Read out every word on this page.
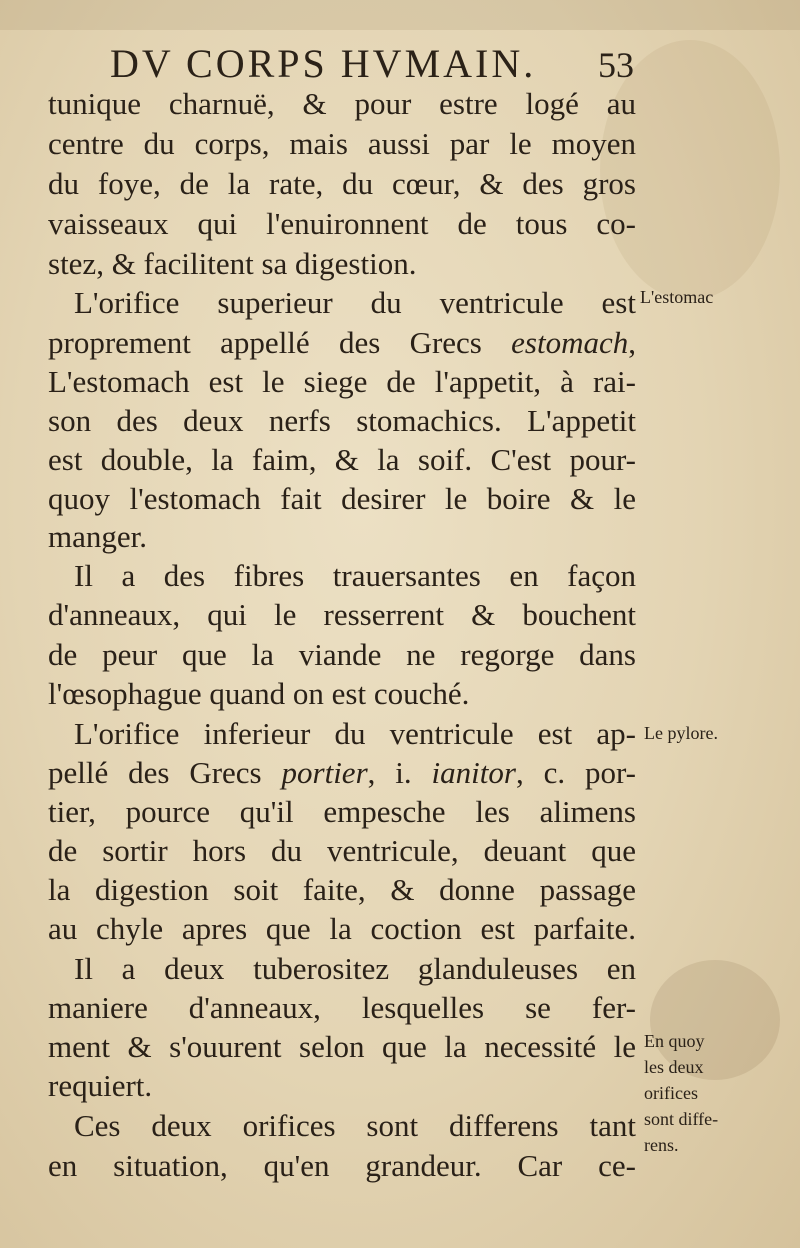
DV CORPS HVMAIN. 53
tunique charnuë, & pour estre logé au
centre du corps, mais aussi par le moyen
du foye, de la rate, du cœur, & des gros
vaisseaux qui l'enuironnent de tous co-
stez, & facilitent sa digestion.
L'orifice superieur du ventricule est
proprement appellé des Grecs estomach,
L'estomach est le siege de l'appetit, à rai-
son des deux nerfs stomachics. L'appetit
est double, la faim, & la soif. C'est pour-
quoy l'estomach fait desirer le boire & le
manger.
Il a des fibres trauersantes en façon
d'anneaux, qui le resserrent & bouchent
de peur que la viande ne regorge dans
l'œsophague quand on est couché.
L'orifice inferieur du ventricule est ap-
pellé des Grecs portier, i. ianitor, c. por-
tier, pource qu'il empesche les alimens
de sortir hors du ventricule, deuant que
la digestion soit faite, & donne passage
au chyle apres que la coction est parfaite.
Il a deux tuberositez glanduleuses en
maniere d'anneaux, lesquelles se fer-
ment & s'ouurent selon que la necessité le
requiert.
Ces deux orifices sont differens tant
en situation, qu'en grandeur. Car ce-
L'estomac
Le pylore.
En quoy
les deux
orifices
sont diffe-
rens.
